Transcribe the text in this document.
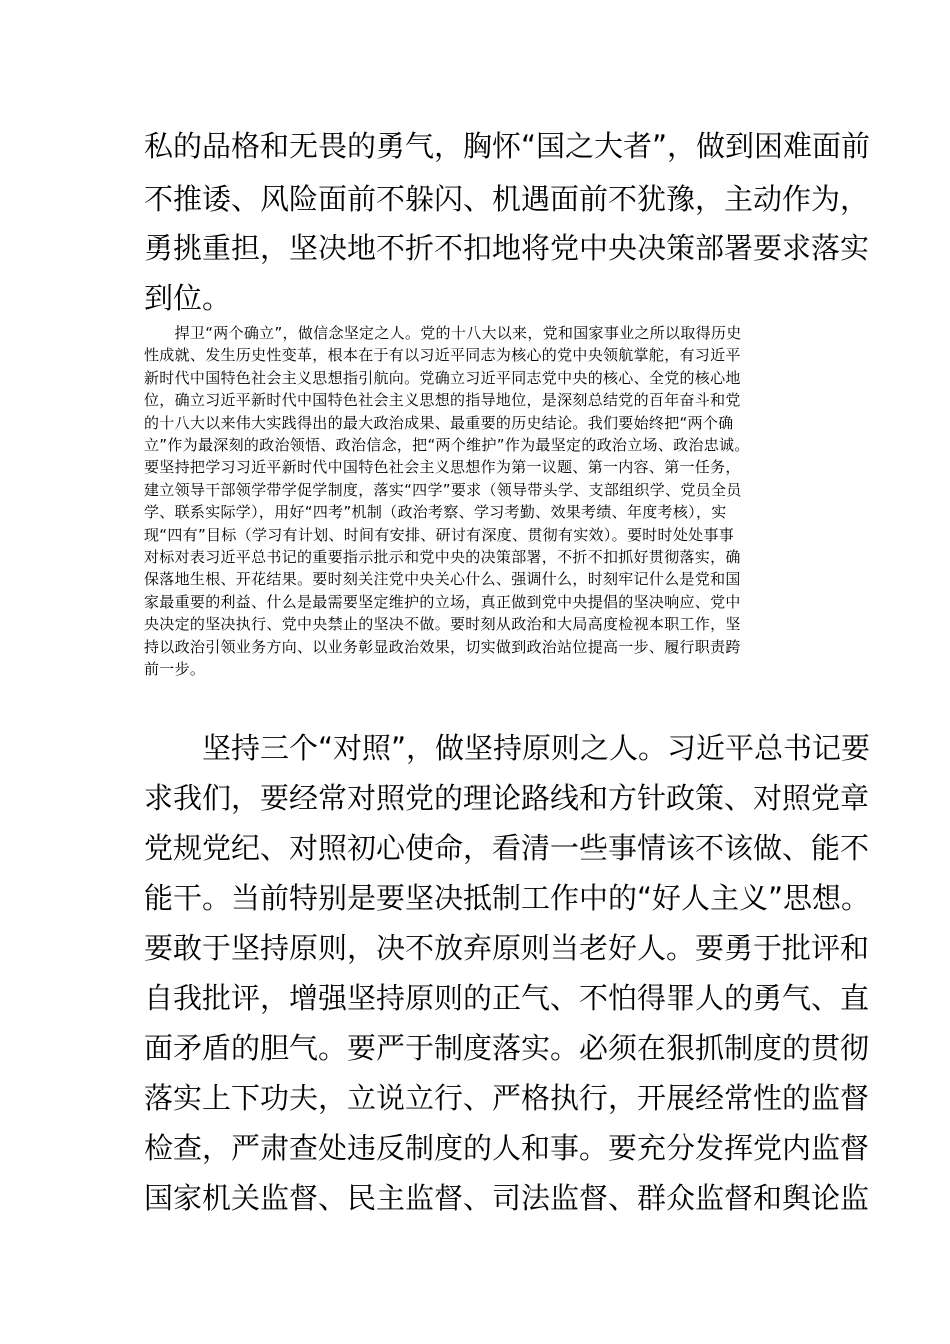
私的品格和无畏的勇气，胸怀“国之大者”，做到困难面前
不推诿、风险面前不躲闪、机遇面前不犹豫，主动作为，
勇挑重担，坚决地不折不扣地将党中央决策部署要求落实
到位。
　　捍卫“两个确立”，做信念坚定之人。党的十八大以来，党和国家事业之所以取得历史
性成就、发生历史性变革，根本在于有以习近平同志为核心的党中央领航掌舵，有习近平
新时代中国特色社会主义思想指引航向。党确立习近平同志党中央的核心、全党的核心地
位，确立习近平新时代中国特色社会主义思想的指导地位，是深刻总结党的百年奋斗和党
的十八大以来伟大实践得出的最大政治成果、最重要的历史结论。我们要始终把“两个确
立”作为最深刻的政治领悟、政治信念，把“两个维护”作为最坚定的政治立场、政治忠诚。
要坚持把学习习近平新时代中国特色社会主义思想作为第一议题、第一内容、第一任务，
建立领导干部领学带学促学制度，落实“四学”要求（领导带头学、支部组织学、党员全员
学、联系实际学），用好“四考”机制（政治考察、学习考勤、效果考绩、年度考核），实
现“四有”目标（学习有计划、时间有安排、研讨有深度、贯彻有实效）。要时时处处事事
对标对表习近平总书记的重要指示批示和党中央的决策部署，不折不扣抓好贯彻落实，确
保落地生根、开花结果。要时刻关注党中央关心什么、强调什么，时刻牢记什么是党和国
家最重要的利益、什么是最需要坚定维护的立场，真正做到党中央提倡的坚决响应、党中
央决定的坚决执行、党中央禁止的坚决不做。要时刻从政治和大局高度检视本职工作，坚
持以政治引领业务方向、以业务彰显政治效果，切实做到政治站位提高一步、履行职责跨
前一步。
　　坚持三个“对照”，做坚持原则之人。习近平总书记要
求我们，要经常对照党的理论路线和方针政策、对照党章
党规党纪、对照初心使命，看清一些事情该不该做、能不
能干。当前特别是要坚决抵制工作中的“好人主义”思想。
要敢于坚持原则，决不放弃原则当老好人。要勇于批评和
自我批评，增强坚持原则的正气、不怕得罪人的勇气、直
面矛盾的胆气。要严于制度落实。必须在狠抓制度的贯彻
落实上下功夫，立说立行、严格执行，开展经常性的监督
检查，严肃查处违反制度的人和事。要充分发挥党内监督
国家机关监督、民主监督、司法监督、群众监督和舆论监
